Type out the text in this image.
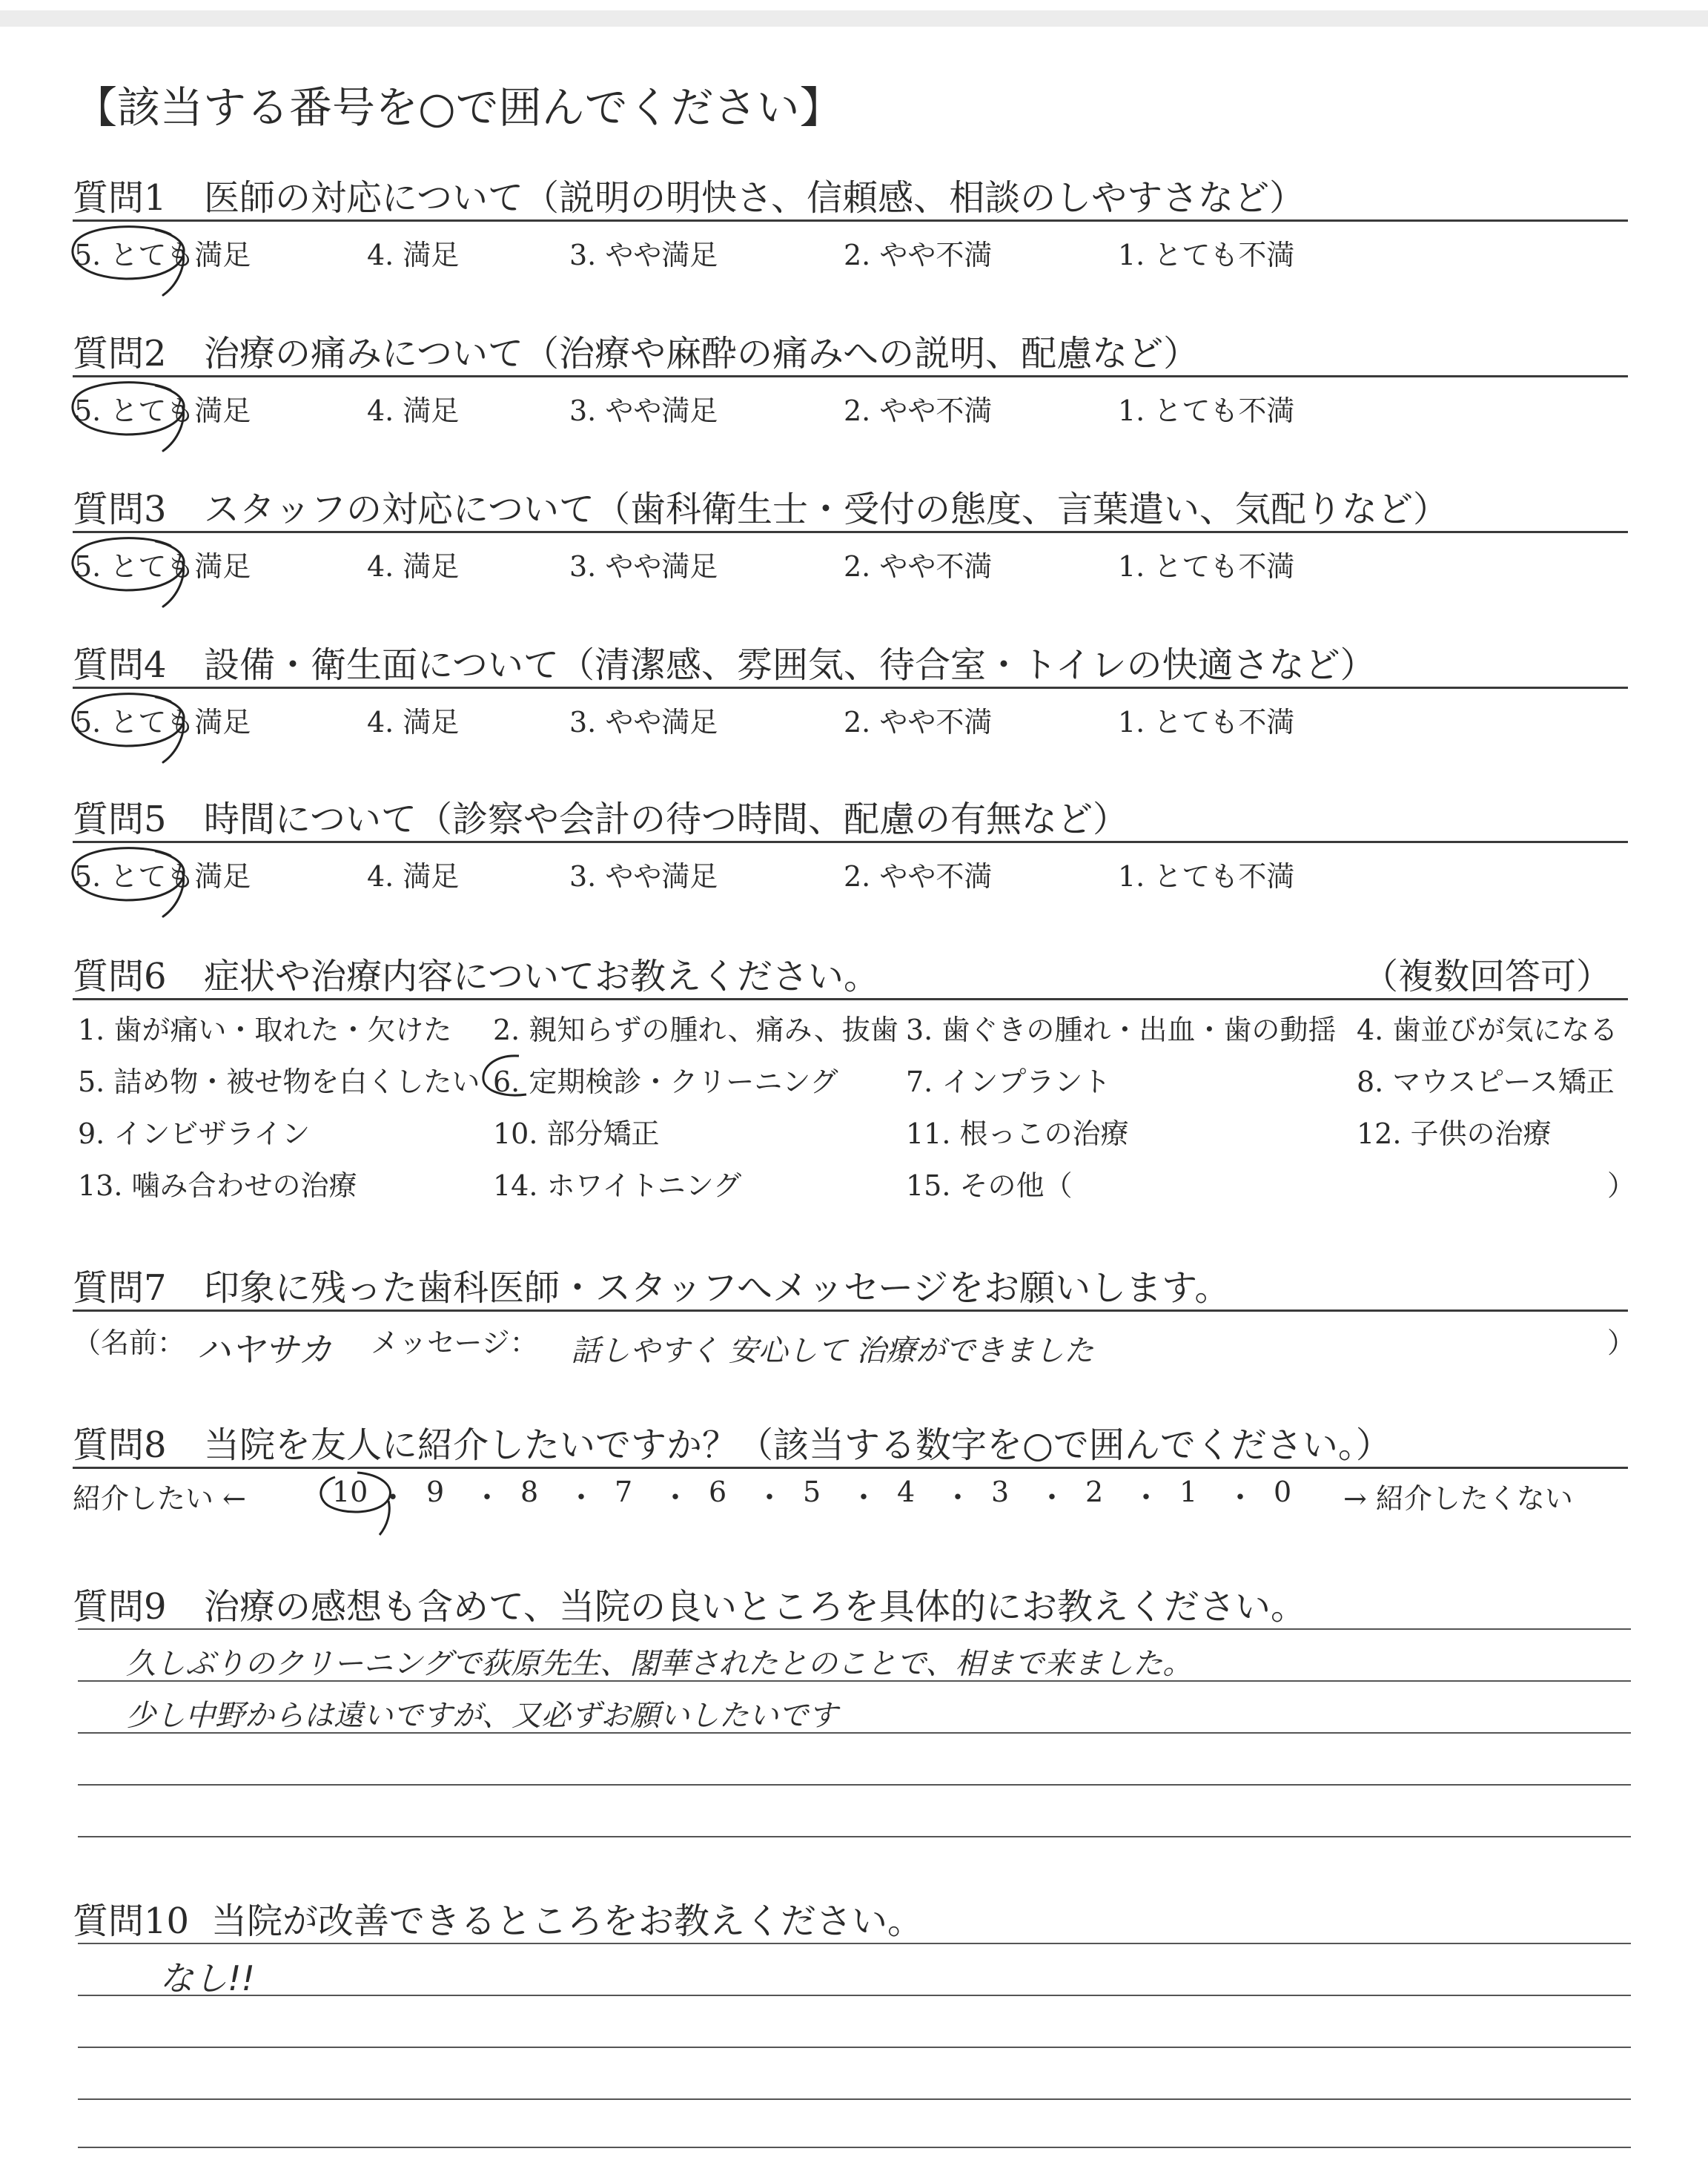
【該当する番号を○で囲んでください】
質問1 医師の対応について（説明の明快さ、信頼感、相談のしやすさなど）
5. とても満足	4. 満足	3. やや満足	2. やや不満	1. とても不満
質問2 治療の痛みについて（治療や麻酔の痛みへの説明、配慮など）
5. とても満足	4. 満足	3. やや満足	2. やや不満	1. とても不満
質問3 スタッフの対応について（歯科衛生士・受付の態度、言葉遣い、気配りなど）
5. とても満足	4. 満足	3. やや満足	2. やや不満	1. とても不満
質問4 設備・衛生面について（清潔感、雰囲気、待合室・トイレの快適さなど）
5. とても満足	4. 満足	3. やや満足	2. やや不満	1. とても不満
質問5 時間について（診察や会計の待つ時間、配慮の有無など）
5. とても満足	4. 満足	3. やや満足	2. やや不満	1. とても不満
質問6 症状や治療内容についてお教えください。	（複数回答可）
1. 歯が痛い・取れた・欠けた 2. 親知らずの腫れ、痛み、抜歯 3. 歯ぐきの腫れ・出血・歯の動揺 4. 歯並びが気になる
5. 詰め物・被せ物を白くしたい 6. 定期検診・クリーニング 7. インプラント	8. マウスピース矯正
9. インビザライン	10. 部分矯正	11. 根っこの治療	12. 子供の治療
13. 噛み合わせの治療	14. ホワイトニング	15. その他（	）
質問7 印象に残った歯科医師・スタッフへメッセージをお願いします。
（名前： ハヤサカ メッセージ： 話しやすく 安心して 治療ができました	）
質問8 当院を友人に紹介したいですか？（該当する数字を○で囲んでください。）
紹介したい ←	→ 紹介したくない
10 ・ 9 ・ 8 ・ 7 ・ 6 ・ 5 ・ 4 ・ 3 ・ 2 ・ 1 ・ 0
質問9 治療の感想も含めて、当院の良いところを具体的にお教えください。
久しぶりのクリーニングで荻原先生、閣華されたとのことで、相まで来ました。
少し中野からは遠いですが、又必ずお願いしたいです
質問10 当院が改善できるところをお教えください。
なし!!
